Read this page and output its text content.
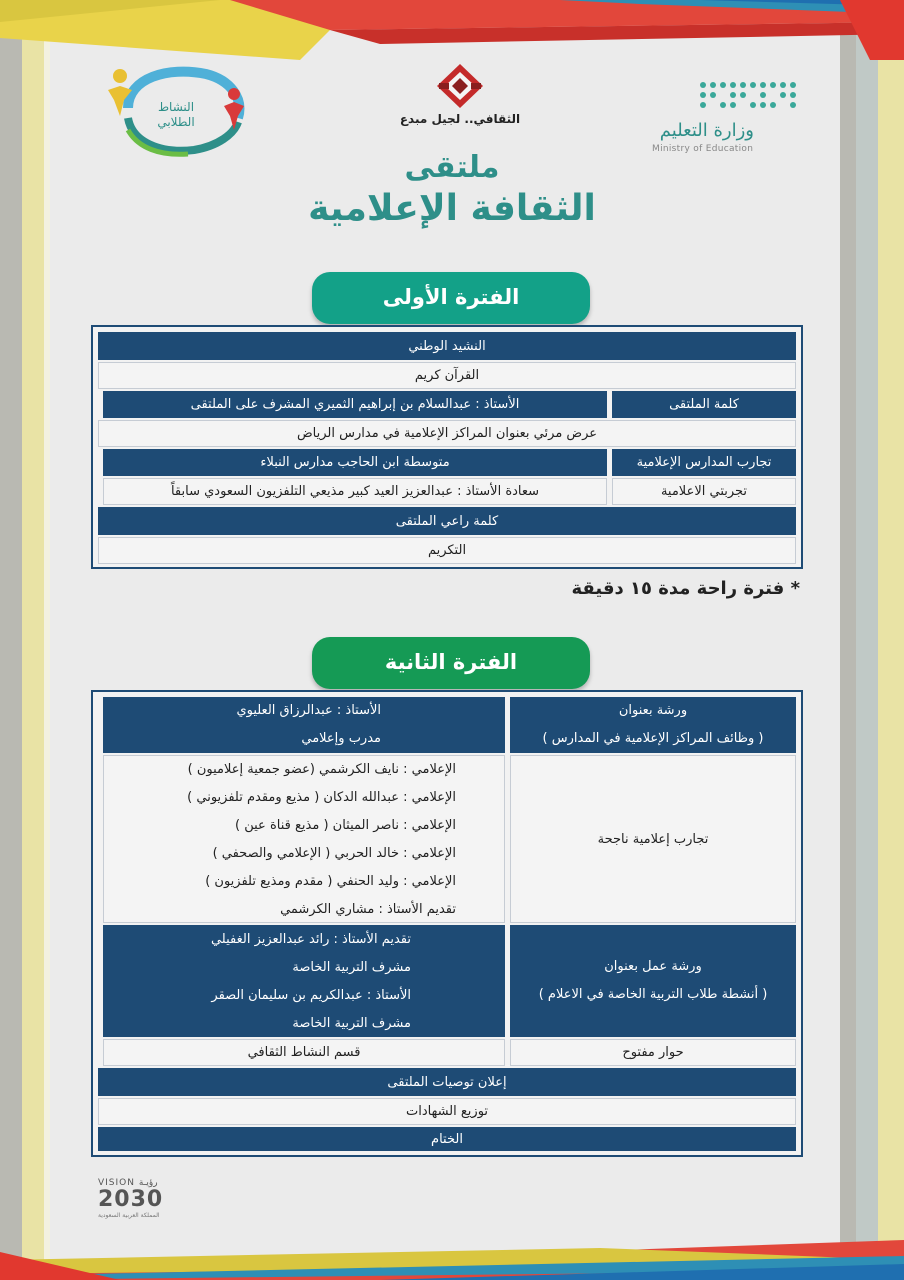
وزارة التعليم
Ministry of Education
الثقافي.. لجيل مبدع
النشاط
الطلابي
ملتقى
الثقافة الإعلامية
الفترة الأولى
النشيد الوطني
القرآن كريم
كلمة الملتقى
الأستاذ : عبدالسلام بن إبراهيم الثميري المشرف على الملتقى
عرض مرئي بعنوان المراكز الإعلامية في مدارس الرياض
تجارب المدارس الإعلامية
متوسطة ابن الحاجب مدارس النبلاء
تجربتي الاعلامية
سعادة الأستاذ : عبدالعزيز العيد كبير مذيعي التلفزيون السعودي سابقاً
كلمة راعي الملتقى
التكريم
* فترة راحة مدة ١٥ دقيقة
الفترة الثانية
ورشة بعنوان
( وظائف المراكز الإعلامية في المدارس )
الأستاذ : عبدالرزاق العليوي
مدرب وإعلامي
تجارب إعلامية ناجحة
الإعلامي : نايف الكرشمي (عضو جمعية إعلاميون )
الإعلامي : عبدالله الدكان ( مذيع ومقدم تلفزيوني )
الإعلامي : ناصر الميثان ( مذيع قناة عين )
الإعلامي : خالد الحربي ( الإعلامي والصحفي )
الإعلامي : وليد الحنفي ( مقدم ومذيع تلفزيون )
تقديم الأستاذ : مشاري الكرشمي
ورشة عمل بعنوان
( أنشطة طلاب التربية الخاصة في الاعلام )
تقديم الأستاذ : رائد عبدالعزيز الغفيلي
مشرف التربية الخاصة
الأستاذ : عبدالكريم بن سليمان الصقر
مشرف التربية الخاصة
حوار مفتوح
قسم النشاط الثقافي
إعلان توصيات الملتقى
توزيع الشهادات
الختام
VISION رؤيـة
2030
المملكة العربية السعودية
